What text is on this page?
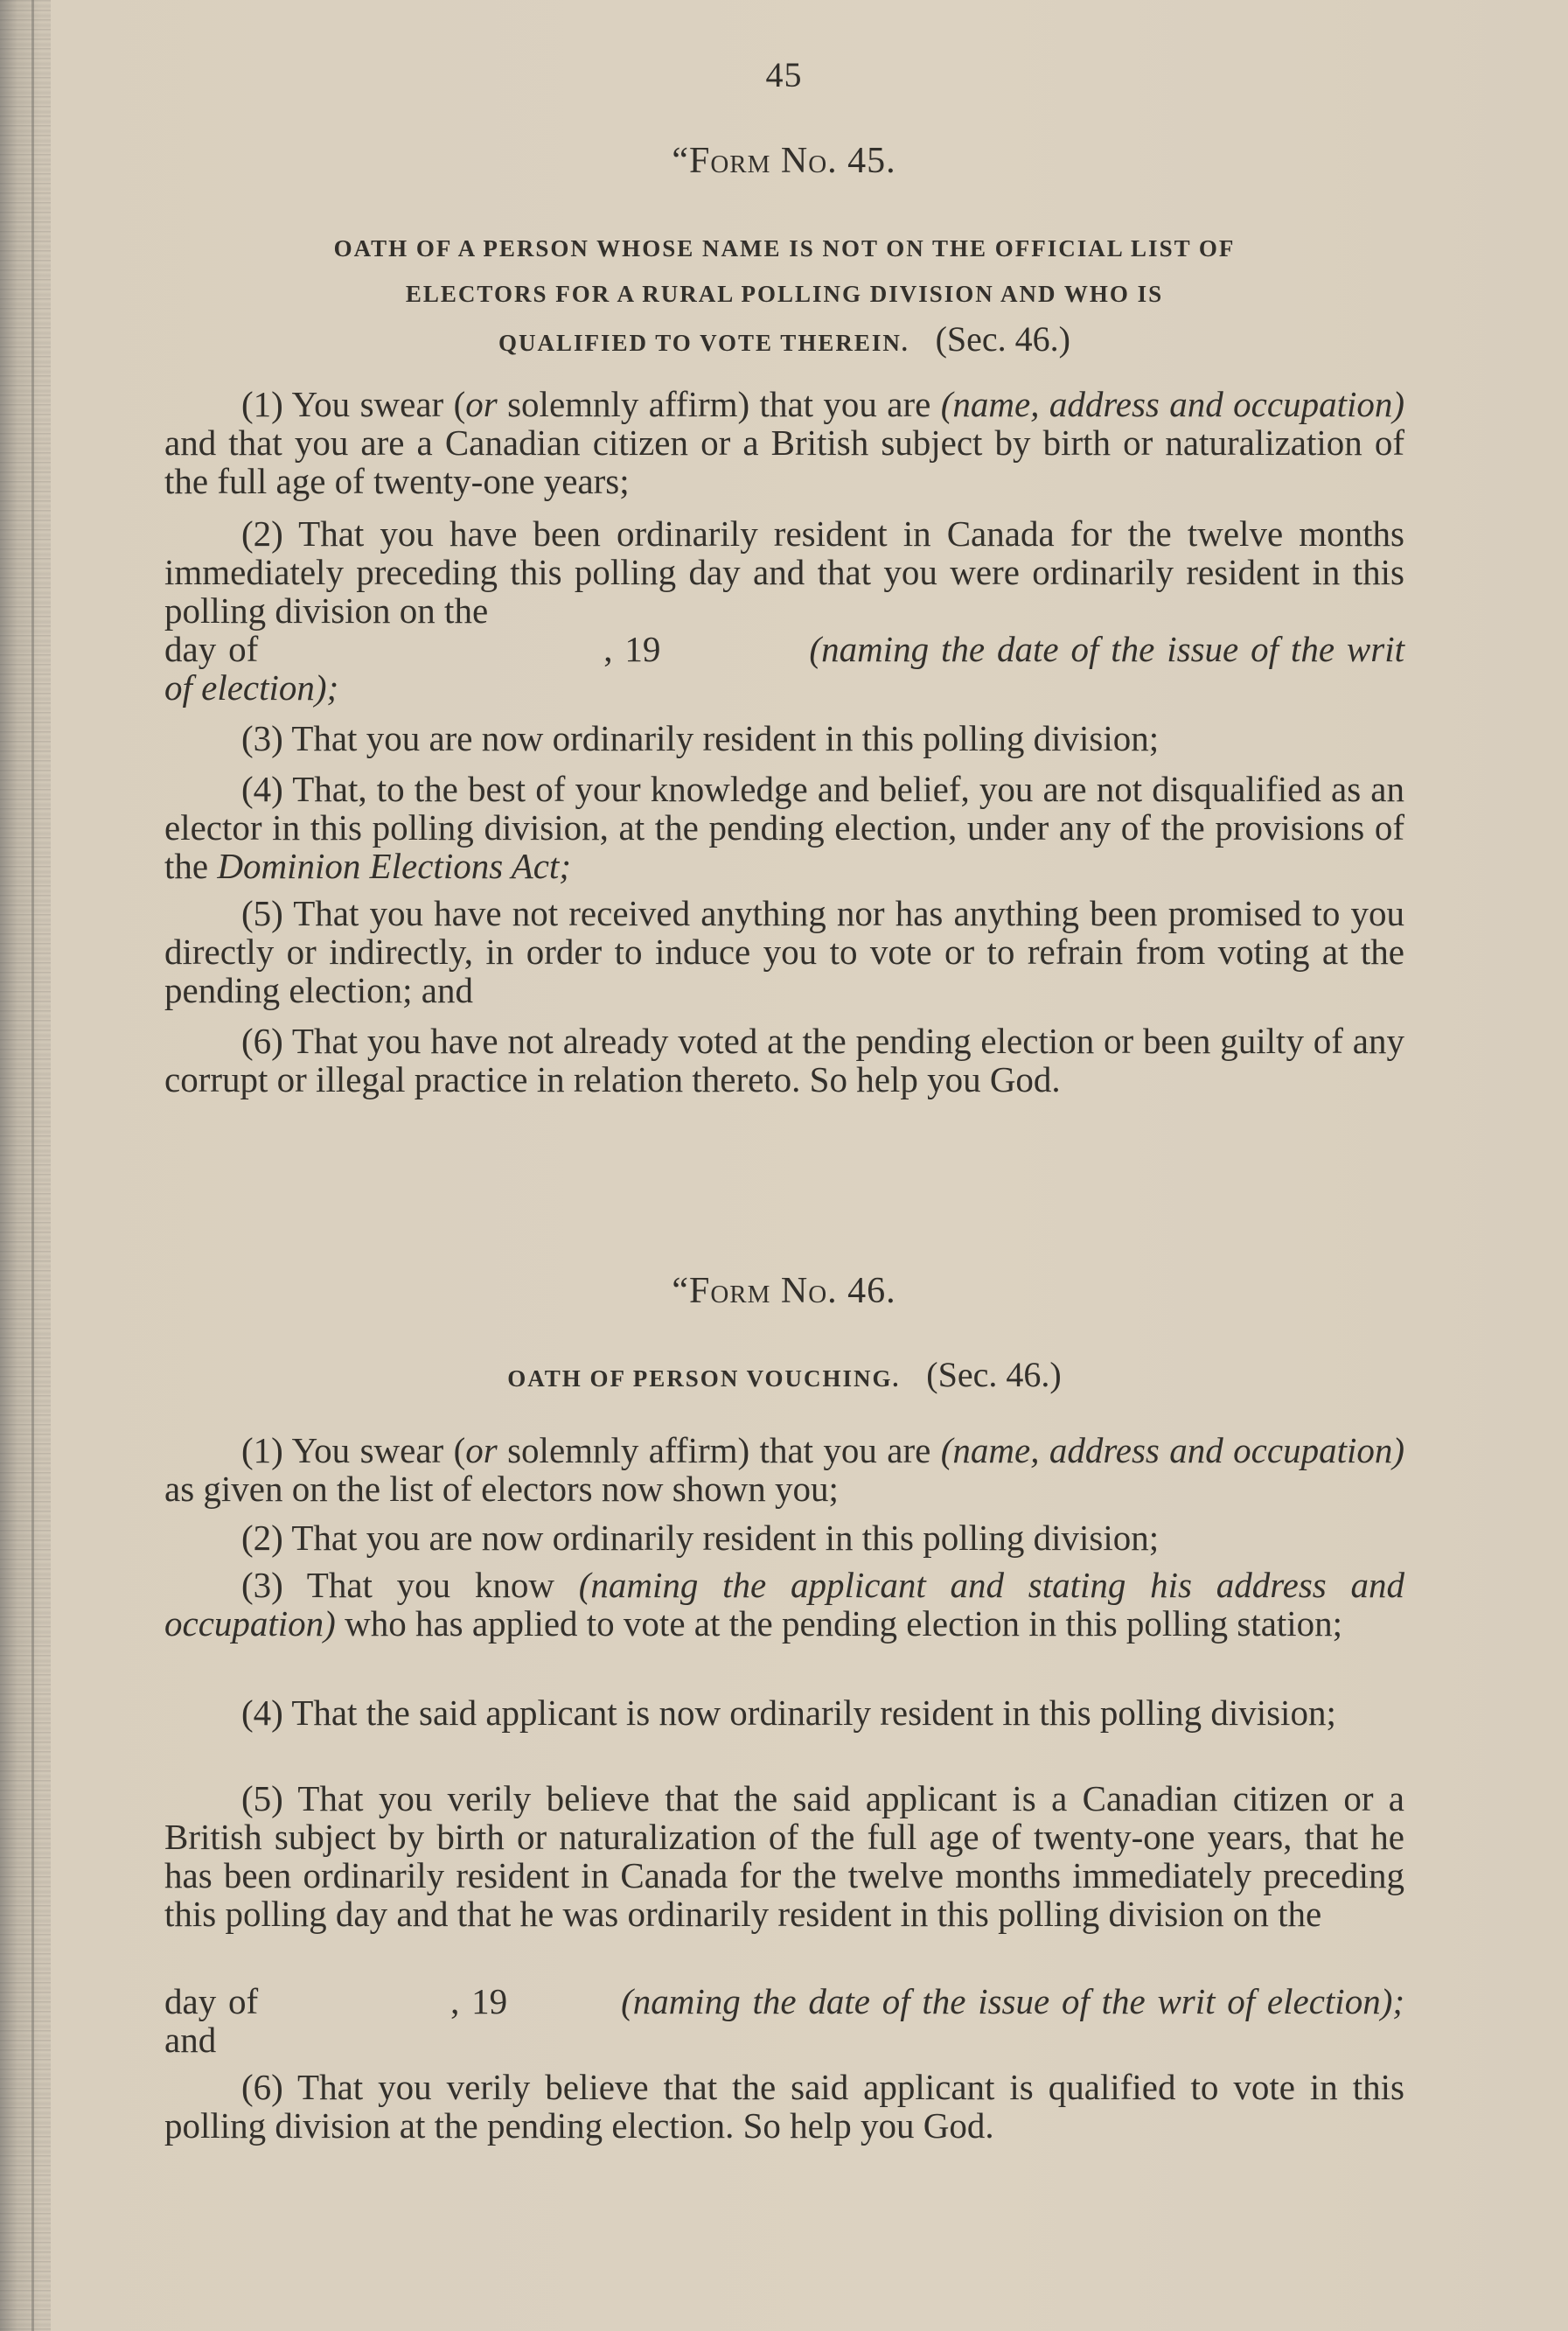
45
“Form No. 45.
OATH OF A PERSON WHOSE NAME IS NOT ON THE OFFICIAL LIST OF
ELECTORS FOR A RURAL POLLING DIVISION AND WHO IS
QUALIFIED TO VOTE THEREIN. (Sec. 46.)

(1) You swear (or solemnly affirm) that you are (name, address and occupation) and that you are a Canadian citizen or a British subject by birth or naturalization of the full age of twenty-one years;

(2) That you have been ordinarily resident in Canada for the twelve months immediately preceding this polling day and that you were ordinarily resident in this polling division on the

day of	, 19	(naming the date of the issue of the writ of election);

(3) That you are now ordinarily resident in this polling division;

(4) That, to the best of your knowledge and belief, you are not disqualified as an elector in this polling division, at the pending election, under any of the provisions of the Dominion Elections Act;

(5) That you have not received anything nor has anything been promised to you directly or indirectly, in order to induce you to vote or to refrain from voting at the pending election; and

(6) That you have not already voted at the pending election or been guilty of any corrupt or illegal practice in relation thereto. So help you God.

“Form No. 46.
OATH OF PERSON VOUCHING. (Sec. 46.)

(1) You swear (or solemnly affirm) that you are (name, address and occupation) as given on the list of electors now shown you;

(2) That you are now ordinarily resident in this polling division;

(3) That you know (naming the applicant and stating his address and occupation) who has applied to vote at the pending election in this polling station;

(4) That the said applicant is now ordinarily resident in this polling division;

(5) That you verily believe that the said applicant is a Canadian citizen or a British subject by birth or naturalization of the full age of twenty-one years, that he has been ordinarily resident in Canada for the twelve months immediately preceding this polling day and that he was ordinarily resident in this polling division on the

day of	, 19	(naming the date of the issue of the writ of election); and

(6) That you verily believe that the said applicant is qualified to vote in this polling division at the pending election. So help you God.
